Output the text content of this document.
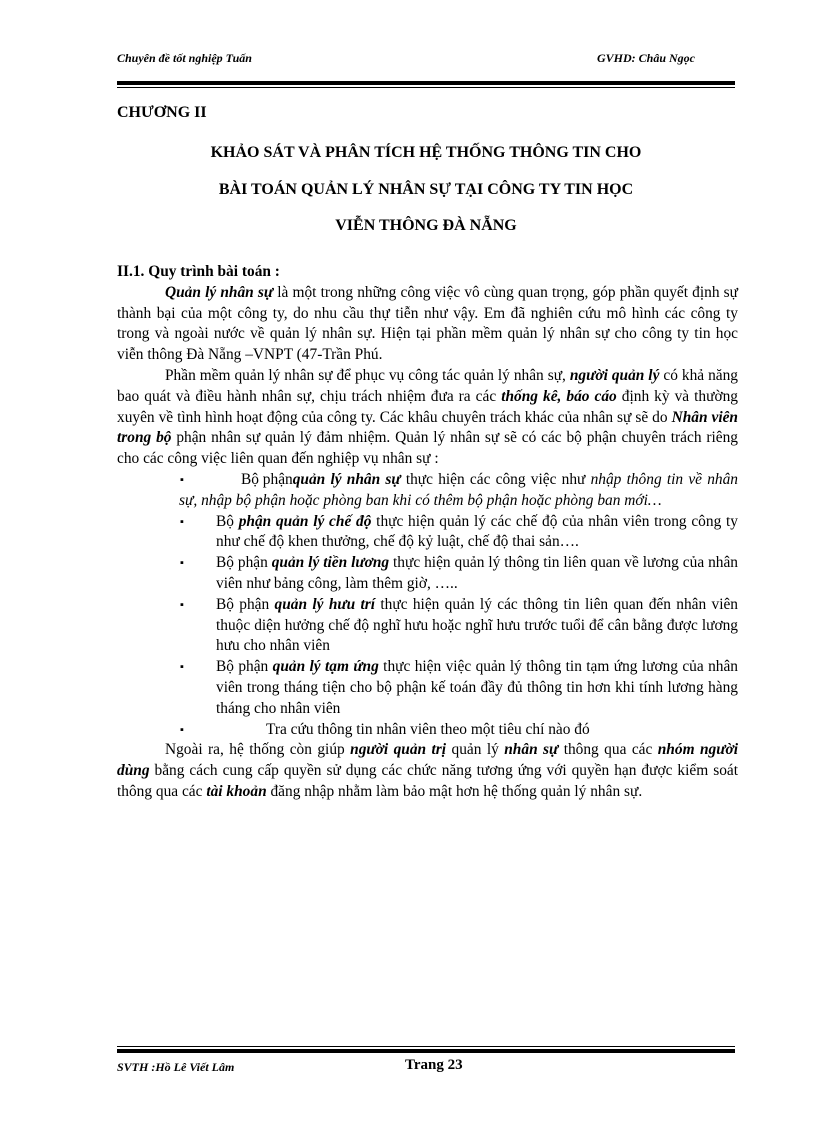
Chuyên đề tốt nghiệp Tuấn	GVHD: Châu Ngọc
CHƯƠNG II
KHẢO SÁT VÀ PHÂN TÍCH HỆ THỐNG THÔNG TIN CHO
BÀI TOÁN QUẢN LÝ NHÂN SỰ TẠI CÔNG TY TIN HỌC
VIỄN THÔNG ĐÀ NẴNG
II.1. Quy trình bài toán :

Quản lý nhân sự là một trong những công việc vô cùng quan trọng, góp phần quyết định sự thành bại của một công ty, do nhu cầu thự tiễn như vậy. Em đã nghiên cứu mô hình các công ty trong và ngoài nước về quản lý nhân sự. Hiện tại phần mềm quản lý nhân sự cho công ty tin học viễn thông Đà Nẵng –VNPT (47-Trần Phú.

Phần mềm quản lý nhân sự để phục vụ công tác quản lý nhân sự, người quản lý có khả năng bao quát và điều hành nhân sự, chịu trách nhiệm đưa ra các thống kê, báo cáo định kỳ và thường xuyên về tình hình hoạt động của công ty. Các khâu chuyên trách khác của nhân sự sẽ do Nhân viên trong bộ phận nhân sự quản lý đảm nhiệm. Quản lý nhân sự sẽ có các bộ phận chuyên trách riêng cho các công việc liên quan đến nghiệp vụ nhân sự :

▪	Bộ phậnquản lý nhân sự thực hiện các công việc như nhập thông tin về nhân sự, nhập bộ phận hoặc phòng ban khi có thêm bộ phận hoặc phòng ban mới…
▪ Bộ phận quản lý chế độ thực hiện quản lý các chế độ của nhân viên trong công ty như chế độ khen thưởng, chế độ kỷ luật, chế độ thai sản….
▪ Bộ phận quản lý tiền lương thực hiện quản lý thông tin liên quan về lương của nhân viên như bảng công, làm thêm giờ, …..
▪ Bộ phận quản lý hưu trí thực hiện quản lý các thông tin liên quan đến nhân viên thuộc diện hưởng chế độ nghĩ hưu hoặc nghĩ hưu trước tuổi để cân bằng được lương hưu cho nhân viên
▪ Bộ phận quản lý tạm ứng thực hiện việc quản lý thông tin tạm ứng lương của nhân viên trong tháng tiện cho bộ phận kế toán đầy đủ thông tin hơn khi tính lương hàng tháng cho nhân viên
▪	Tra cứu thông tin nhân viên theo một tiêu chí nào đó

Ngoài ra, hệ thống còn giúp người quản trị quản lý nhân sự thông qua các nhóm người dùng bằng cách cung cấp quyền sử dụng các chức năng tương ứng với quyền hạn được kiểm soát thông qua các tài khoản đăng nhập nhằm làm bảo mật hơn hệ thống quản lý nhân sự.

SVTH :Hồ Lê Viết Lâm	Trang 23
